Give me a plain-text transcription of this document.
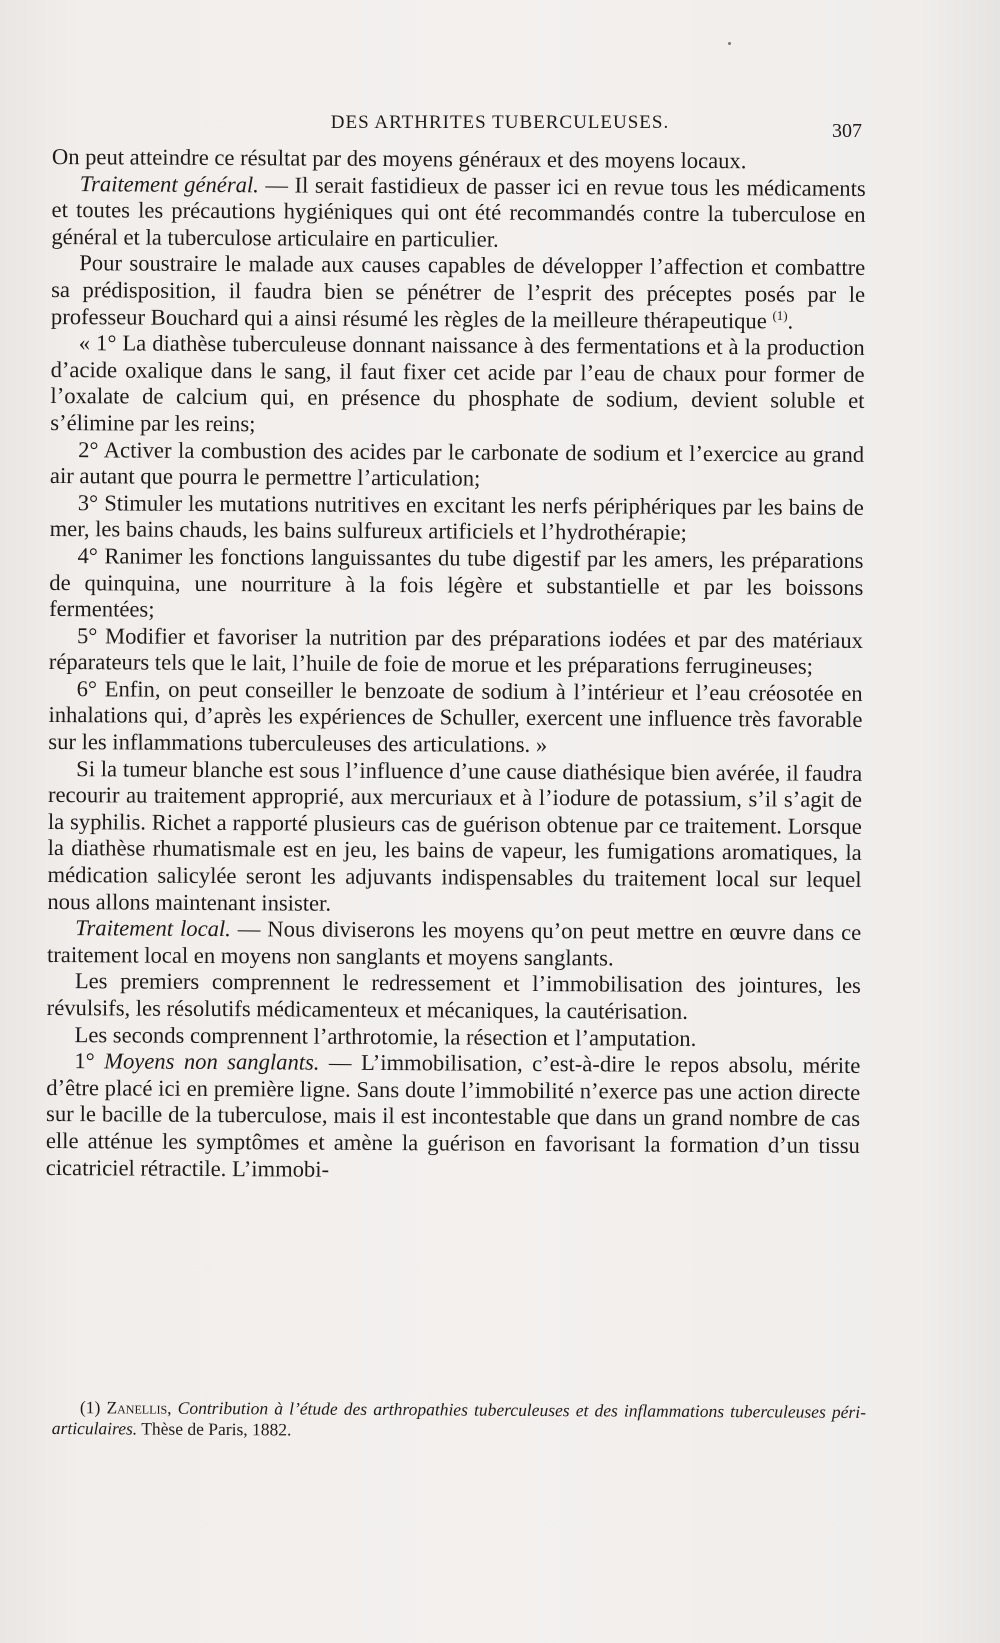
DES ARTHRITES TUBERCULEUSES.	307

On peut atteindre ce résultat par des moyens généraux et des moyens locaux.

Traitement général. — Il serait fastidieux de passer ici en revue tous les médicaments et toutes les précautions hygiéniques qui ont été recommandés contre la tuberculose en général et la tuberculose articulaire en particulier.

Pour soustraire le malade aux causes capables de développer l’affection et combattre sa prédisposition, il faudra bien se pénétrer de l’esprit des préceptes posés par le professeur Bouchard qui a ainsi résumé les règles de la meilleure thérapeutique $^{(1)}$.

« 1° La diathèse tuberculeuse donnant naissance à des fermentations et à la production d’acide oxalique dans le sang, il faut fixer cet acide par l’eau de chaux pour former de l’oxalate de calcium qui, en présence du phosphate de sodium, devient soluble et s’élimine par les reins;

2° Activer la combustion des acides par le carbonate de sodium et l’exercice au grand air autant que pourra le permettre l’articulation;

3° Stimuler les mutations nutritives en excitant les nerfs périphériques par les bains de mer, les bains chauds, les bains sulfureux artificiels et l’hydrothérapie;

4° Ranimer les fonctions languissantes du tube digestif par les amers, les préparations de quinquina, une nourriture à la fois légère et substantielle et par les boissons fermentées;

5° Modifier et favoriser la nutrition par des préparations iodées et par des matériaux réparateurs tels que le lait, l’huile de foie de morue et les préparations ferrugineuses;

6° Enfin, on peut conseiller le benzoate de sodium à l’intérieur et l’eau créosotée en inhalations qui, d’après les expériences de Schuller, exercent une influence très favorable sur les inflammations tuberculeuses des articulations. »

Si la tumeur blanche est sous l’influence d’une cause diathésique bien avérée, il faudra recourir au traitement approprié, aux mercuriaux et à l’iodure de potassium, s’il s’agit de la syphilis. Richet a rapporté plusieurs cas de guérison obtenue par ce traitement. Lorsque la diathèse rhumatismale est en jeu, les bains de vapeur, les fumigations aromatiques, la médication salicylée seront les adjuvants indispensables du traitement local sur lequel nous allons maintenant insister.

Traitement local. — Nous diviserons les moyens qu’on peut mettre en œuvre dans ce traitement local en moyens non sanglants et moyens sanglants.

Les premiers comprennent le redressement et l’immobilisation des jointures, les révulsifs, les résolutifs médicamenteux et mécaniques, la cautérisation.

Les seconds comprennent l’arthrotomie, la résection et l’amputation.

1° Moyens non sanglants. — L’immobilisation, c’est-à-dire le repos absolu, mérite d’être placé ici en première ligne. Sans doute l’immobilité n’exerce pas une action directe sur le bacille de la tuberculose, mais il est incontestable que dans un grand nombre de cas elle atténue les symptômes et amène la guérison en favorisant la formation d’un tissu cicatriciel rétractile. L’immobi-

(1) Zanellis, Contribution à l’étude des arthropathies tuberculeuses et des inflammations tuberculeuses péri-articulaires. Thèse de Paris, 1882.
